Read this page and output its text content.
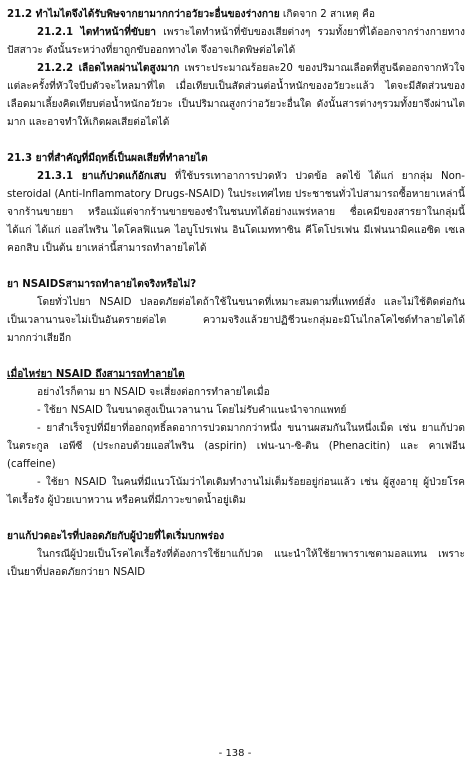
21.2 ทำไมไตจึงได้รับพิษจากยามากกว่าอวัยวะอื่นของร่างกาย เกิดจาก 2 สาเหตุ คือ

21.2.1 ไตทำหน้าที่ขับยา เพราะไตทำหน้าที่ขับของเสียต่างๆ รวมทั้งยาที่ได้ออกจากร่างกายทางปัสสาวะ ดังนั้นระหว่างที่ยาถูกขับออกทางไต จึงอาจเกิดพิษต่อไตได้

21.2.2 เลือดไหลผ่านไตสูงมาก เพราะประมาณร้อยละ20 ของปริมาณเลือดที่สูบฉีดออกจากหัวใจแต่ละครั้งที่หัวใจบีบตัวจะไหลมาที่ไต เมื่อเทียบเป็นสัดส่วนต่อน้ำหนักของอวัยวะแล้ว ไตจะมีสัดส่วนของเลือดมาเลี้ยงคิดเทียบต่อน้ำหนักอวัยวะ เป็นปริมาณสูงกว่าอวัยวะอื่นใด ดังนั้นสารต่างๆรวมทั้งยาจึงผ่านไตมาก และอาจทำให้เกิดผลเสียต่อไตได้

21.3 ยาที่สำคัญที่มีฤทธิ์เป็นผลเสียที่ทำลายไต

21.3.1 ยาแก้ปวดแก้อักเสบ ที่ใช้บรรเทาอาการปวดหัว ปวดข้อ ลดไข้ ได้แก่ ยากลุ่ม Non-steroidal (Anti-Inflammatory Drugs-NSAID) ในประเทศไทย ประชาชนทั่วไปสามารถซื้อหายาเหล่านี้จากร้านขายยา หรือแม้แต่จากร้านขายของชำในชนบทได้อย่างแพร่หลาย ชื่อเคมีของสารยาในกลุ่มนี้ได้แก่ ได้แก่ แอสไพริน ไดโคลฟิแนค ไอบูโปรเฟน อินโดเมททาซิน คีโตโปรเฟน มีเฟนนามิคแอซิด เซเลคอกสิบ เป็นต้น ยาเหล่านี้สามารถทำลายไตได้

ยา NSAIDSสามารถทำลายไตจริงหรือไม่?

โดยทั่วไปยา NSAID ปลอดภัยต่อไตถ้าใช้ในขนาดที่เหมาะสมตามที่แพทย์สั่ง และไม่ใช้ติดต่อกันเป็นเวลานานจะไม่เป็นอันตรายต่อไต ความจริงแล้วยาปฏิชีวนะกลุ่มอะมิโนไกลโคไซด์ทำลายไตได้มากกว่าเสียอีก

เมื่อไหร่ยา NSAID ถึงสามารถทำลายไต

อย่างไรก็ตาม ยา NSAID จะเสี่ยงต่อการทำลายไตเมื่อ

- ใช้ยา NSAID ในขนาดสูงเป็นเวลานาน โดยไม่รับคำแนะนำจากแพทย์

- ยาสำเร็จรูปที่มียาที่ออกฤทธิ์ลดอาการปวดมากกว่าหนึ่ง ขนานผสมกันในหนึ่งเม็ด เช่น ยาแก้ปวดในตระกูล เอพีซี (ประกอบด้วยแอสไพริน (aspirin) เฟน-นา-ซิ-ติน (Phenacitin) และ คาเฟอีน (caffeine)

- ใช้ยา NSAID ในคนที่มีแนวโน้มว่าไตเดิมทำงานไม่เต็มร้อยอยู่ก่อนแล้ว เช่น ผู้สูงอายุ ผู้ป่วยโรคไตเรื้อรัง ผู้ป่วยเบาหวาน หรือคนที่มีภาวะขาดน้ำอยู่เดิม

ยาแก้ปวดอะไรที่ปลอดภัยกับผู้ป่วยที่ไตเริ่มบกพร่อง

ในกรณีผู้ป่วยเป็นโรคไตเรื้อรังที่ต้องการใช้ยาแก้ปวด แนะนำให้ใช้ยาพาราเซตามอลแทน เพราะเป็นยาที่ปลอดภัยกว่ายา NSAID

- 138 -
